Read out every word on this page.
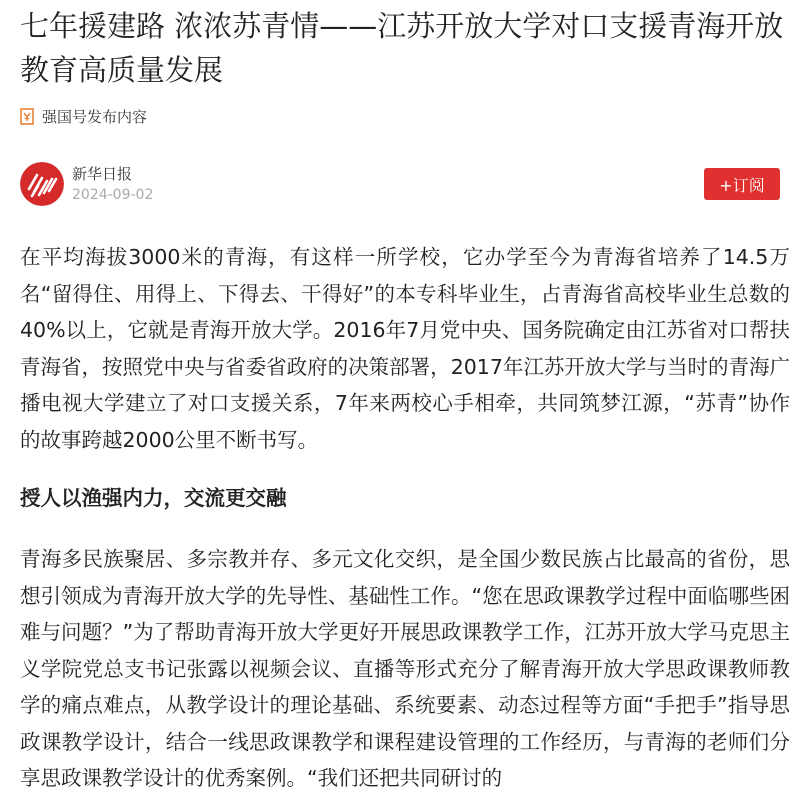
七年援建路 浓浓苏青情——江苏开放大学对口支援青海开放教育高质量发展
强国号发布内容
新华日报
2024-09-02
+订阅

在平均海拔3000米的青海，有这样一所学校，它办学至今为青海省培养了14.5万名“留得住、用得上、下得去、干得好”的本专科毕业生，占青海省高校毕业生总数的40%以上，它就是青海开放大学。2016年7月党中央、国务院确定由江苏省对口帮扶青海省，按照党中央与省委省政府的决策部署，2017年江苏开放大学与当时的青海广播电视大学建立了对口支援关系，7年来两校心手相牵，共同筑梦江源，“苏青”协作的故事跨越2000公里不断书写。

授人以渔强内力，交流更交融

青海多民族聚居、多宗教并存、多元文化交织，是全国少数民族占比最高的省份，思想引领成为青海开放大学的先导性、基础性工作。“您在思政课教学过程中面临哪些困难与问题？”为了帮助青海开放大学更好开展思政课教学工作，江苏开放大学马克思主义学院党总支书记张露以视频会议、直播等形式充分了解青海开放大学思政课教师教学的痛点难点，从教学设计的理论基础、系统要素、动态过程等方面“手把手”指导思政课教学设计，结合一线思政课教学和课程建设管理的工作经历，与青海的老师们分享思政课教学设计的优秀案例。“我们还把共同研讨的
